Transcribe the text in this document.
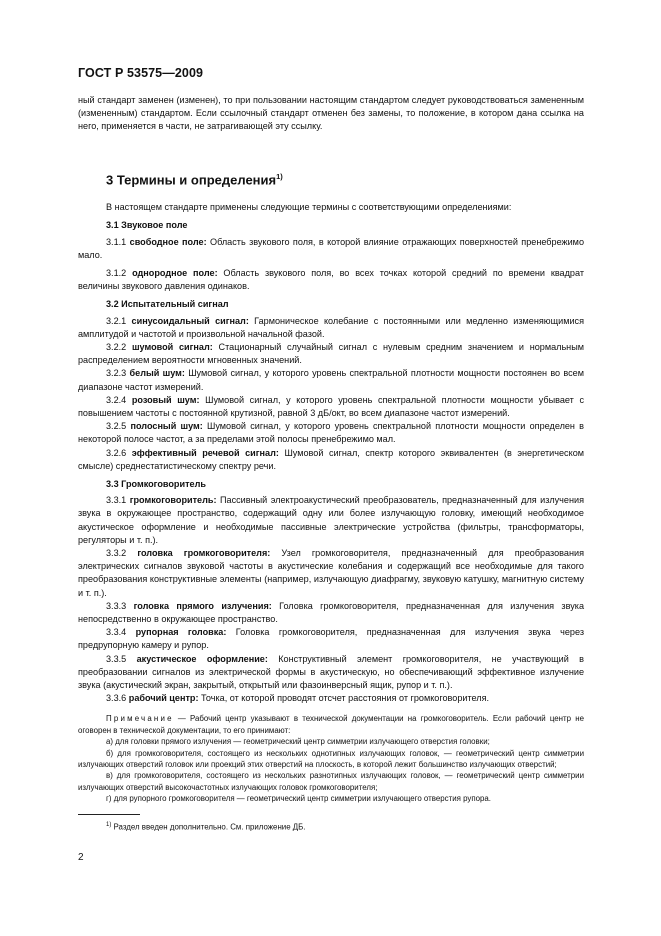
ГОСТ Р 53575—2009

ный стандарт заменен (изменен), то при пользовании настоящим стандартом следует руководствоваться замененным (измененным) стандартом. Если ссылочный стандарт отменен без замены, то положение, в котором дана ссылка на него, применяется в части, не затрагивающей эту ссылку.

3 Термины и определения$^{1)}$

В настоящем стандарте применены следующие термины с соответствующими определениями:

3.1 Звуковое поле

3.1.1 свободное поле: Область звукового поля, в которой влияние отражающих поверхностей пренебрежимо мало.

3.1.2 однородное поле: Область звукового поля, во всех точках которой средний по времени квадрат величины звукового давления одинаков.

3.2 Испытательный сигнал

3.2.1 синусоидальный сигнал: Гармоническое колебание с постоянными или медленно изменяющимися амплитудой и частотой и произвольной начальной фазой.

3.2.2 шумовой сигнал: Стационарный случайный сигнал с нулевым средним значением и нормальным распределением вероятности мгновенных значений.

3.2.3 белый шум: Шумовой сигнал, у которого уровень спектральной плотности мощности постоянен во всем диапазоне частот измерений.

3.2.4 розовый шум: Шумовой сигнал, у которого уровень спектральной плотности мощности убывает с повышением частоты с постоянной крутизной, равной 3 дБ/окт, во всем диапазоне частот измерений.

3.2.5 полосный шум: Шумовой сигнал, у которого уровень спектральной плотности мощности определен в некоторой полосе частот, а за пределами этой полосы пренебрежимо мал.

3.2.6 эффективный речевой сигнал: Шумовой сигнал, спектр которого эквивалентен (в энергетическом смысле) среднестатистическому спектру речи.

3.3 Громкоговоритель

3.3.1 громкоговоритель: Пассивный электроакустический преобразователь, предназначенный для излучения звука в окружающее пространство, содержащий одну или более излучающую головку, имеющий необходимое акустическое оформление и необходимые пассивные электрические устройства (фильтры, трансформаторы, регуляторы и т. п.).

3.3.2 головка громкоговорителя: Узел громкоговорителя, предназначенный для преобразования электрических сигналов звуковой частоты в акустические колебания и содержащий все необходимые для такого преобразования конструктивные элементы (например, излучающую диафрагму, звуковую катушку, магнитную систему и т. п.).

3.3.3 головка прямого излучения: Головка громкоговорителя, предназначенная для излучения звука непосредственно в окружающее пространство.

3.3.4 рупорная головка: Головка громкоговорителя, предназначенная для излучения звука через предрупорную камеру и рупор.

3.3.5 акустическое оформление: Конструктивный элемент громкоговорителя, не участвующий в преобразовании сигналов из электрической формы в акустическую, но обеспечивающий эффективное излучение звука (акустический экран, закрытый, открытый или фазоинверсный ящик, рупор и т. п.).

3.3.6 рабочий центр: Точка, от которой проводят отсчет расстояния от громкоговорителя.

Примечание — Рабочий центр указывают в технической документации на громкоговоритель. Если рабочий центр не оговорен в технической документации, то его принимают:

а) для головки прямого излучения — геометрический центр симметрии излучающего отверстия головки;

б) для громкоговорителя, состоящего из нескольких однотипных излучающих головок, — геометрический центр симметрии излучающих отверстий головок или проекций этих отверстий на плоскость, в которой лежит большинство излучающих отверстий;

в) для громкоговорителя, состоящего из нескольких разнотипных излучающих головок, — геометрический центр симметрии излучающих отверстий высокочастотных излучающих головок громкоговорителя;

г) для рупорного громкоговорителя — геометрический центр симметрии излучающего отверстия рупора.

$^{1)}$ Раздел введен дополнительно. См. приложение ДБ.
2
